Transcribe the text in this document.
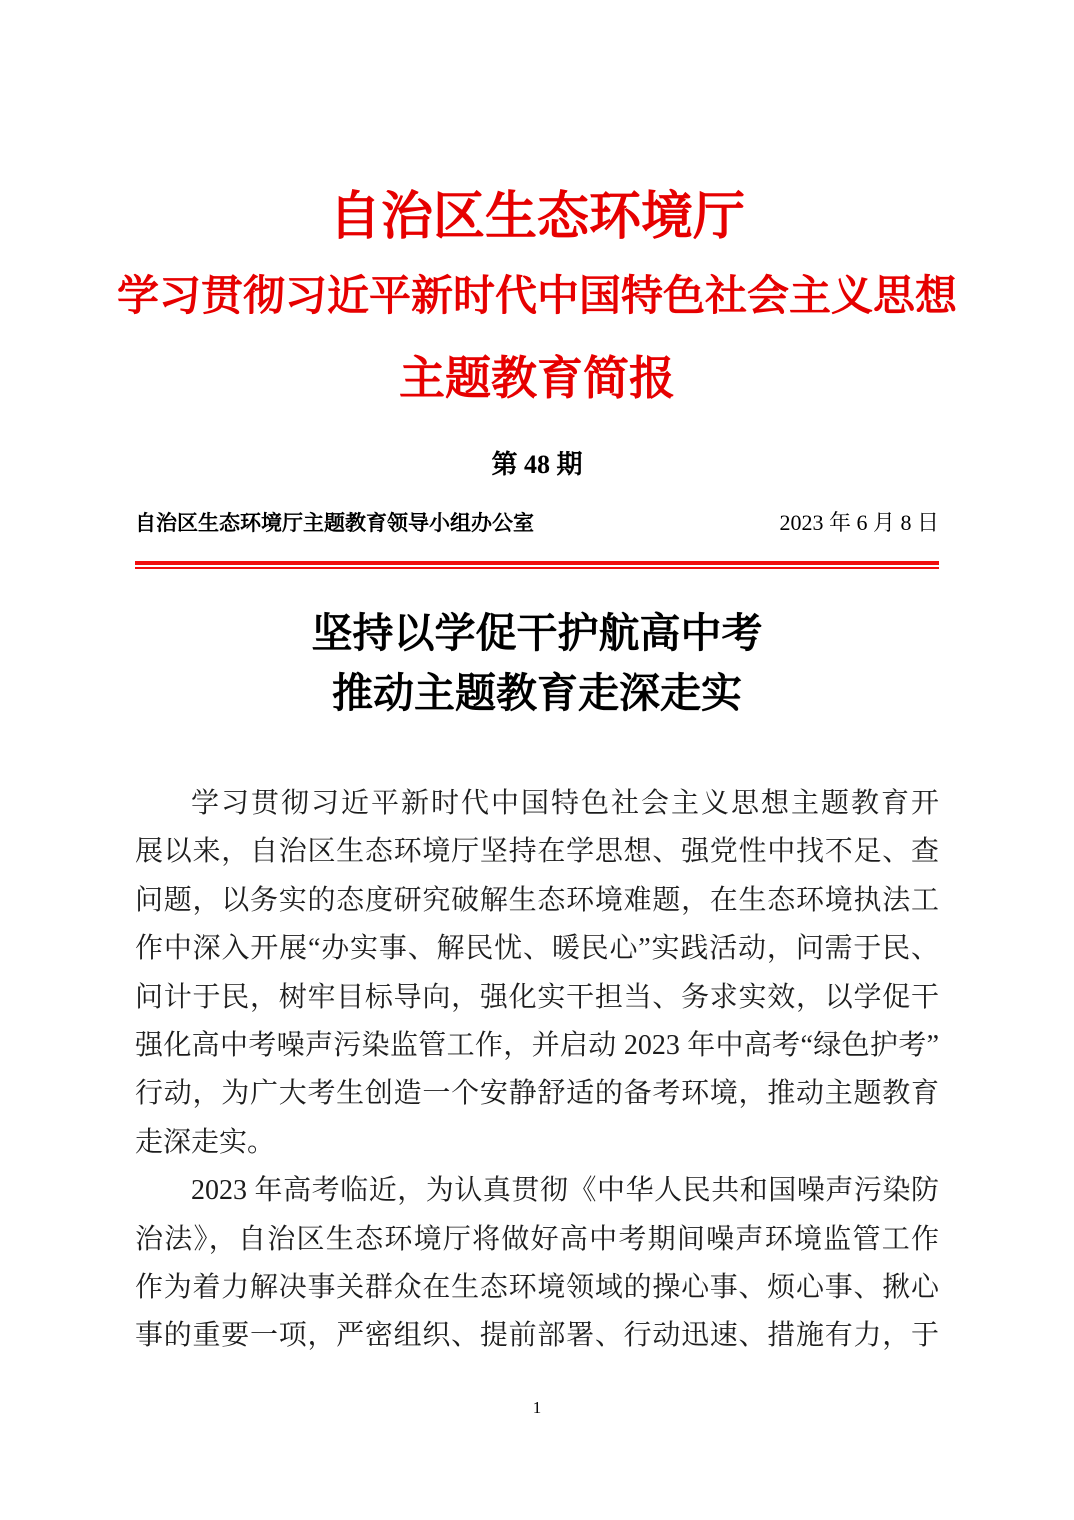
自治区生态环境厅
学习贯彻习近平新时代中国特色社会主义思想
主题教育简报
第 48 期
自治区生态环境厅主题教育领导小组办公室	2023 年 6 月 8 日
坚持以学促干护航高中考
推动主题教育走深走实
学习贯彻习近平新时代中国特色社会主义思想主题教育开
展以来，自治区生态环境厅坚持在学思想、强党性中找不足、查
问题，以务实的态度研究破解生态环境难题，在生态环境执法工
作中深入开展“办实事、解民忧、暖民心”实践活动，问需于民、
问计于民，树牢目标导向，强化实干担当、务求实效，以学促干
强化高中考噪声污染监管工作，并启动 2023 年中高考“绿色护考”
行动，为广大考生创造一个安静舒适的备考环境，推动主题教育
走深走实。
2023 年高考临近，为认真贯彻《中华人民共和国噪声污染防
治法》，自治区生态环境厅将做好高中考期间噪声环境监管工作
作为着力解决事关群众在生态环境领域的操心事、烦心事、揪心
事的重要一项，严密组织、提前部署、行动迅速、措施有力，于
1
